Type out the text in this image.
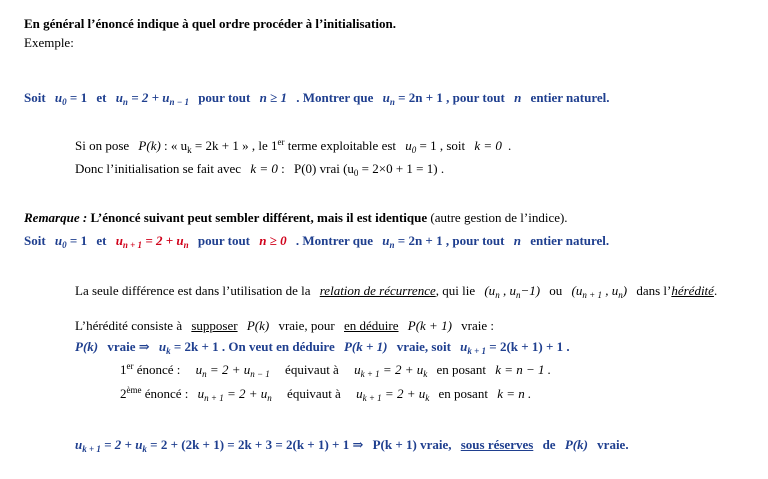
En général l’énoncé indique à quel ordre procéder à l’initialisation.
Exemple:
Soit $u_0 = 1$ et $u_n = 2 + u_{n - 1}$ pour tout n ≥ 1 . Montrer que $u_n = 2n + 1$ , pour tout n entier naturel.
Si on pose P(k) : « $u_k = 2k + 1$ » , le 1er terme exploitable est $u_0 = 1$ , soit k = 0 .
Donc l’initialisation se fait avec k = 0 : P(0) vrai $(u_0 = 2\times 0 + 1 = 1)$ .
Remarque : L’énoncé suivant peut sembler différent, mais il est identique (autre gestion de l’indice).
Soit $u_0 = 1$ et $u_{n + 1} = 2 + u_n$ pour tout n ≥ 0 . Montrer que $u_n = 2n + 1$ , pour tout n entier naturel.
La seule différence est dans l’utilisation de la relation de récurrence, qui lie ($u_n$ , $u_n-1$) ou ($u_{n + 1}$ , $u_n$) dans l’hérédité.
L’hérédité consiste à supposer P(k) vraie, pour en déduire P(k + 1) vraie :
P(k) vraie ⇒ $u_k = 2k + 1$ . On veut en déduire P(k + 1) vraie, soit $u_{k + 1} = 2(k + 1) + 1$ .
1er énoncé : $u_n = 2 + u_{n - 1}$ équivaut à $u_{k + 1} = 2 + u_k$ en posant k = n − 1 .
2ème énoncé : $u_{n + 1} = 2 + u_n$ équivaut à $u_{k + 1} = 2 + u_k$ en posant k = n .
$u_{k + 1} = 2 + u_k = 2 + (2k + 1) = 2k + 3 = 2(k + 1) + 1$ ⇒ P(k + 1) vraie, sous réserves de P(k) vraie.
